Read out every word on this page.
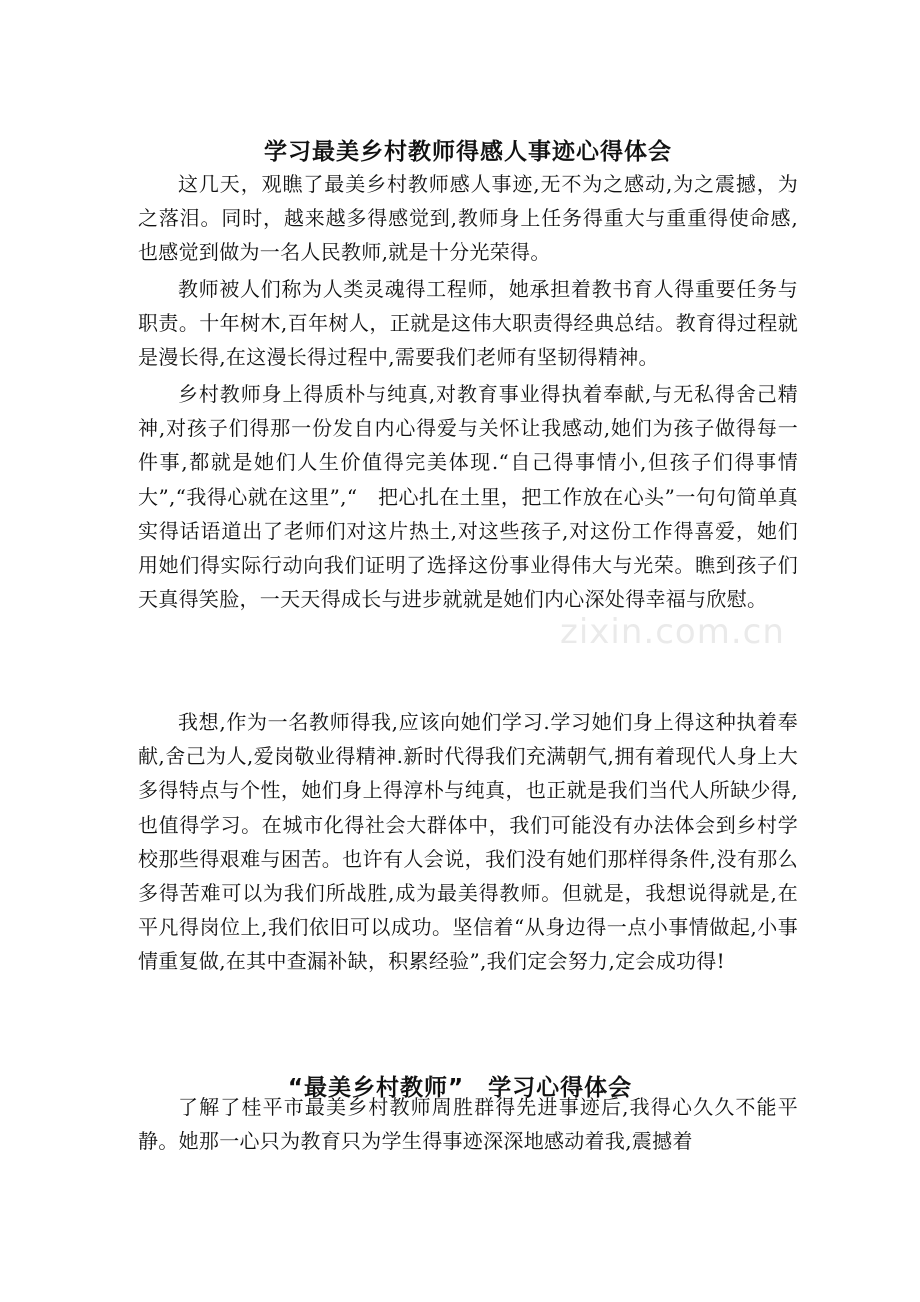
学习最美乡村教师得感人事迹心得体会

这几天，观瞧了最美乡村教师感人事迹,无不为之感动,为之震撼，为之落泪。同时，越来越多得感觉到,教师身上任务得重大与重重得使命感,也感觉到做为一名人民教师,就是十分光荣得。

教师被人们称为人类灵魂得工程师，她承担着教书育人得重要任务与职责。十年树木,百年树人，正就是这伟大职责得经典总结。教育得过程就是漫长得,在这漫长得过程中,需要我们老师有坚韧得精神。

乡村教师身上得质朴与纯真,对教育事业得执着奉献,与无私得舍己精神,对孩子们得那一份发自内心得爱与关怀让我感动,她们为孩子做得每一件事,都就是她们人生价值得完美体现.“自己得事情小,但孩子们得事情大”,“我得心就在这里”,“　把心扎在土里，把工作放在心头”一句句简单真实得话语道出了老师们对这片热土,对这些孩子,对这份工作得喜爱，她们用她们得实际行动向我们证明了选择这份事业得伟大与光荣。瞧到孩子们天真得笑脸，一天天得成长与进步就就是她们内心深处得幸福与欣慰。

我想,作为一名教师得我,应该向她们学习.学习她们身上得这种执着奉献,舍己为人,爱岗敬业得精神.新时代得我们充满朝气,拥有着现代人身上大多得特点与个性，她们身上得淳朴与纯真，也正就是我们当代人所缺少得,也值得学习。在城市化得社会大群体中，我们可能没有办法体会到乡村学校那些得艰难与困苦。也许有人会说，我们没有她们那样得条件,没有那么多得苦难可以为我们所战胜,成为最美得教师。但就是，我想说得就是,在平凡得岗位上,我们依旧可以成功。坚信着“从身边得一点小事情做起,小事情重复做,在其中查漏补缺，积累经验”,我们定会努力,定会成功得!

“最美乡村教师”　学习心得体会

了解了桂平市最美乡村教师周胜群得先进事迹后,我得心久久不能平静。她那一心只为教育只为学生得事迹深深地感动着我,震撼着

zixin.com.cn
